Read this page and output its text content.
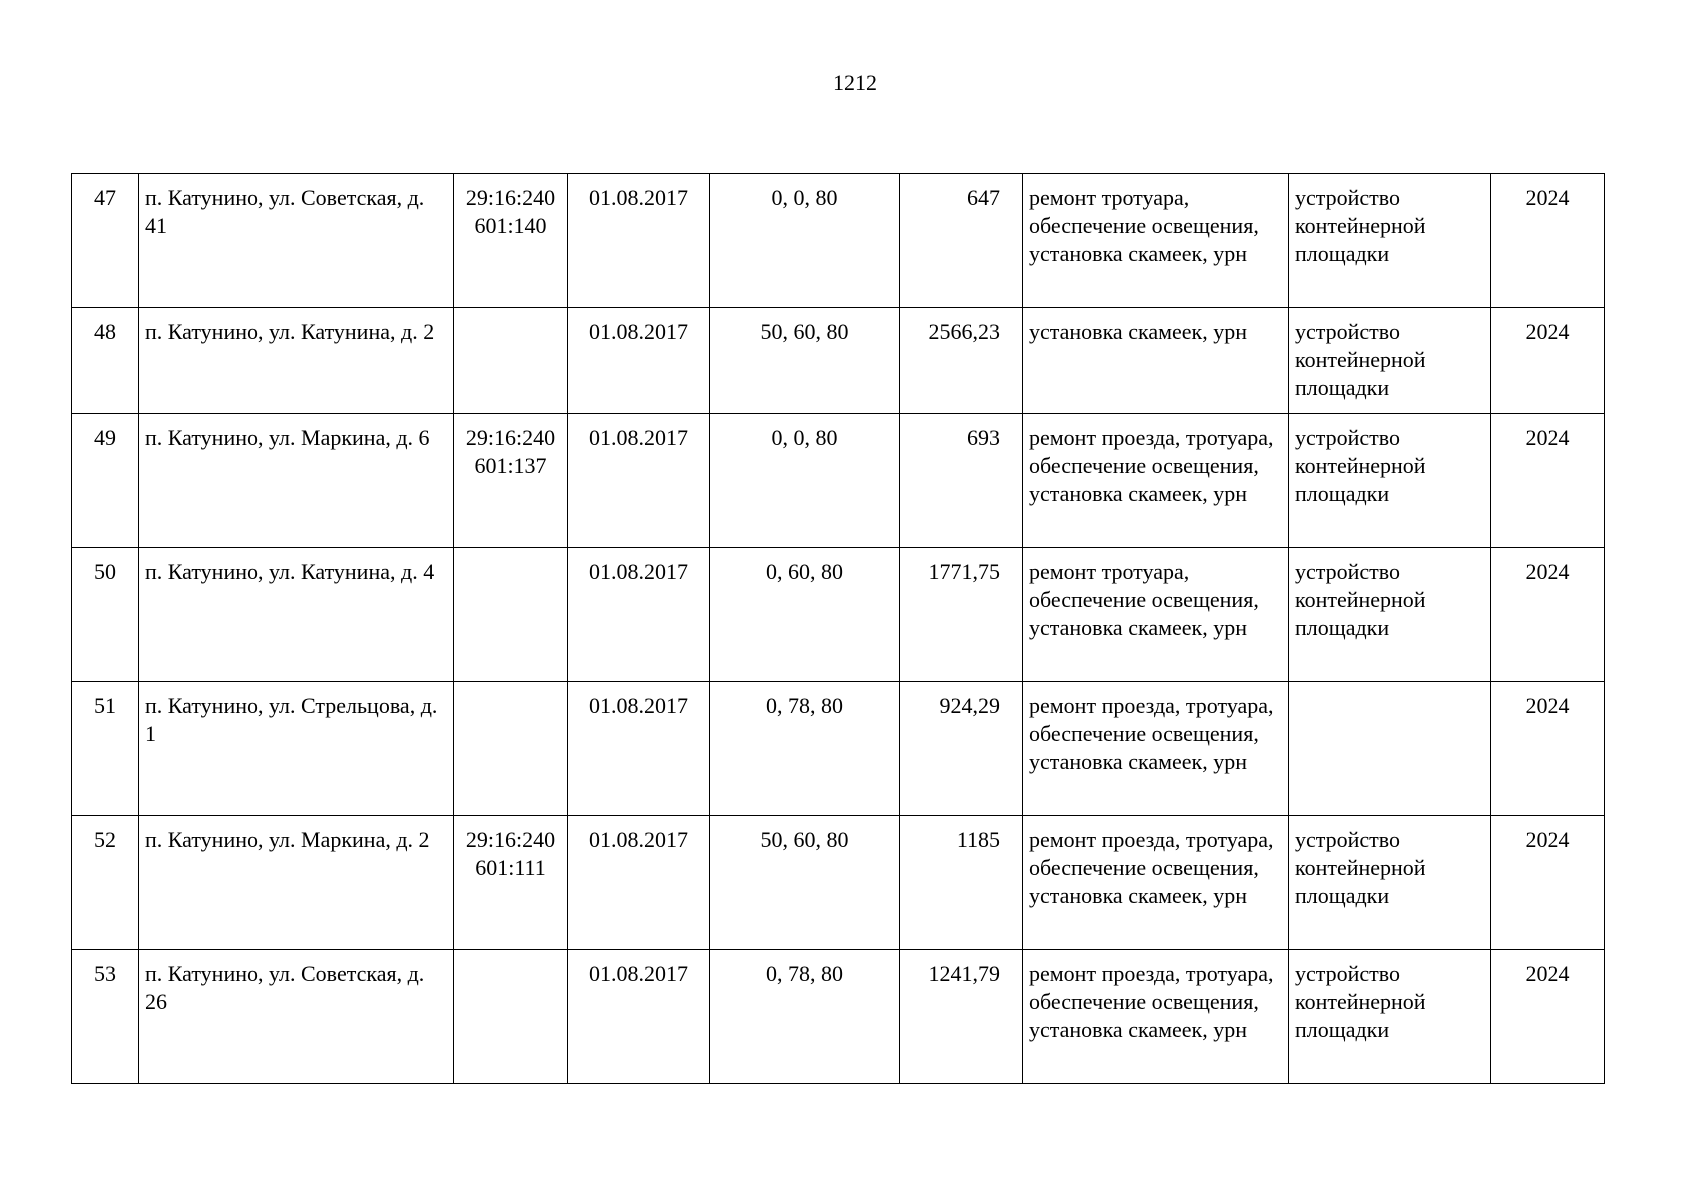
1212
47	п. Катунино, ул. Советская, д. 41	29:16:240 601:140	01.08.2017	0, 0, 80	647	ремонт тротуара, обеспечение освещения, установка скамеек, урн	устройство контейнерной площадки	2024
48	п. Катунино, ул. Катунина, д. 2		01.08.2017	50, 60, 80	2566,23	установка скамеек, урн	устройство контейнерной площадки	2024
49	п. Катунино, ул. Маркина, д. 6	29:16:240 601:137	01.08.2017	0, 0, 80	693	ремонт проезда, тротуара, обеспечение освещения, установка скамеек, урн	устройство контейнерной площадки	2024
50	п. Катунино, ул. Катунина, д. 4		01.08.2017	0, 60, 80	1771,75	ремонт тротуара, обеспечение освещения, установка скамеек, урн	устройство контейнерной площадки	2024
51	п. Катунино, ул. Стрельцова, д. 1		01.08.2017	0, 78, 80	924,29	ремонт проезда, тротуара, обеспечение освещения, установка скамеек, урн		2024
52	п. Катунино, ул. Маркина, д. 2	29:16:240 601:111	01.08.2017	50, 60, 80	1185	ремонт проезда, тротуара, обеспечение освещения, установка скамеек, урн	устройство контейнерной площадки	2024
53	п. Катунино, ул. Советская, д. 26		01.08.2017	0, 78, 80	1241,79	ремонт проезда, тротуара, обеспечение освещения, установка скамеек, урн	устройство контейнерной площадки	2024
